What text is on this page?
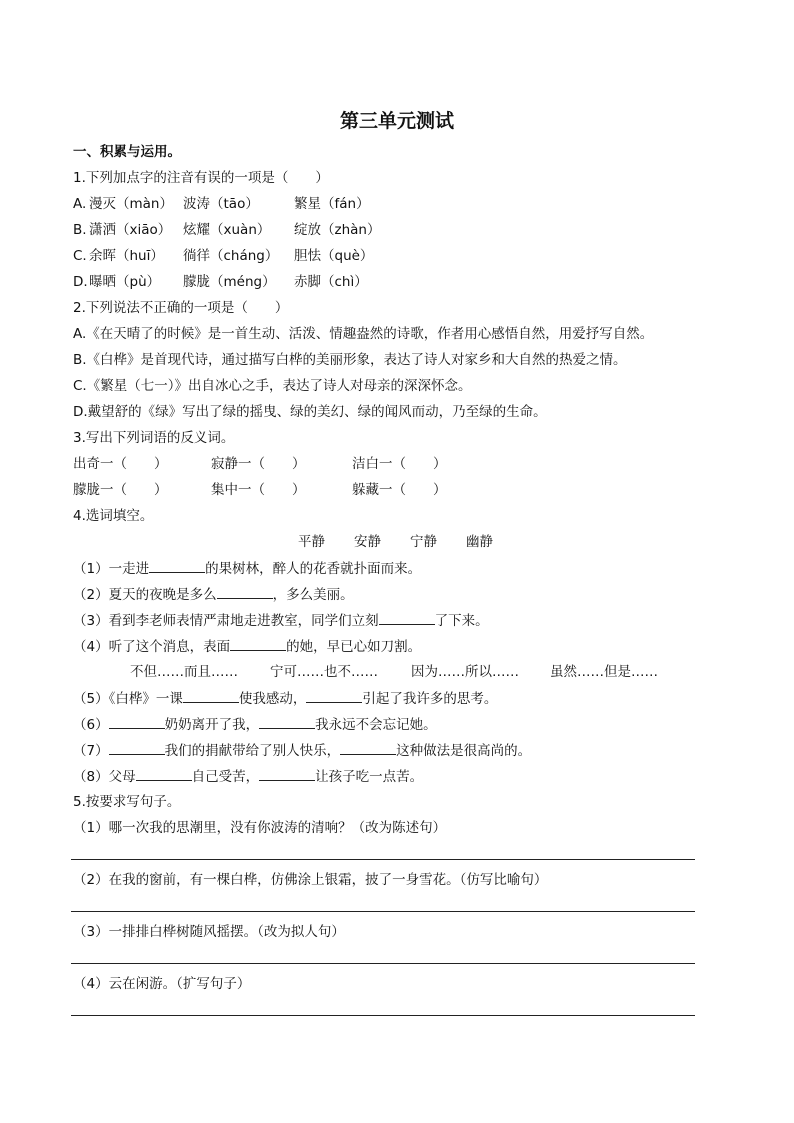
第三单元测试
一、积累与运用。
1.下列加点字的注音有误的一项是（　　）
A. 漫灭（màn） 波涛（tāo）	繁星（fán）
B. 潇洒（xiāo） 炫耀（xuàn） 绽放（zhàn）
C. 余晖（huī） 徜徉（cháng） 胆怯（què）
D. 曝晒（pù） 朦胧（méng） 赤脚（chì）
2.下列说法不正确的一项是（　　）
A.《在天晴了的时候》是一首生动、活泼、情趣盎然的诗歌，作者用心感悟自然，用爱抒写自然。
B.《白桦》是首现代诗，通过描写白桦的美丽形象，表达了诗人对家乡和大自然的热爱之情。
C.《繁星（七一）》出自冰心之手，表达了诗人对母亲的深深怀念。
D.戴望舒的《绿》写出了绿的摇曳、绿的美幻、绿的闻风而动，乃至绿的生命。
3.写出下列词语的反义词。
出奇一（　　）	寂静一（　　）	洁白一（　　）
朦胧一（　　）	集中一（　　）	躲藏一（　　）
4.选词填空。
平静 安静 宁静 幽静
（1）一走进	的果树林，醉人的花香就扑面而来。
（2）夏天的夜晚是多么	，多么美丽。
（3）看到李老师表情严肃地走进教室，同学们立刻	了下来。
（4）听了这个消息，表面	的她，早已心如刀割。
不但……而且…… 宁可……也不…… 因为……所以…… 虽然……但是……
（5）《白桦》一课	使我感动，	引起了我许多的思考。
（6）	奶奶离开了我，	我永远不会忘记她。
（7）	我们的捐献带给了别人快乐，	这种做法是很高尚的。
（8）父母	自己受苦，	让孩子吃一点苦。
5.按要求写句子。
（1）哪一次我的思潮里，没有你波涛的清响？（改为陈述句）
（2）在我的窗前，有一棵白桦，仿佛涂上银霜，披了一身雪花。（仿写比喻句）
（3）一排排白桦树随风摇摆。（改为拟人句）
（4）云在闲游。（扩写句子）
